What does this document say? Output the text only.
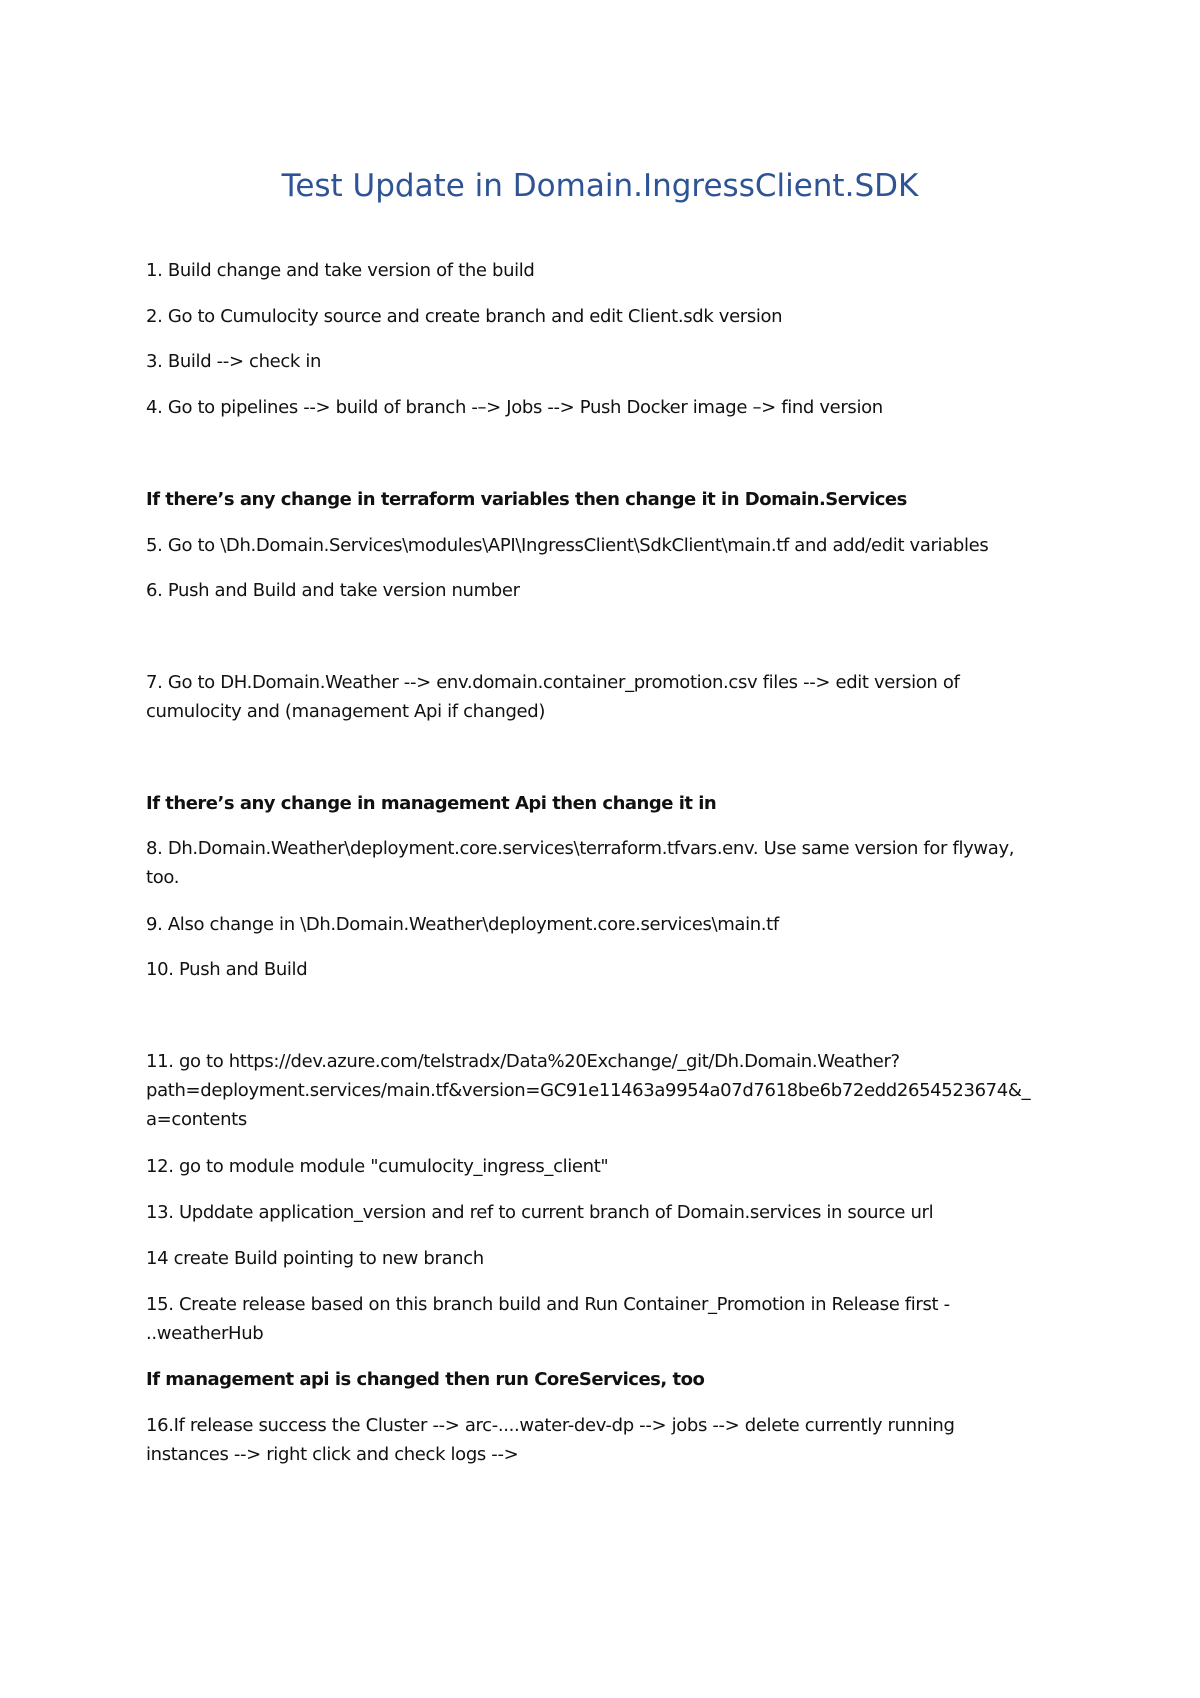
Test Update in Domain.IngressClient.SDK
1. Build change and take version of the build
2. Go to Cumulocity source and create branch and edit Client.sdk version
3. Build --> check in
4. Go to pipelines --> build of branch -–> Jobs --> Push Docker image –> find version
If there’s any change in terraform variables then change it in Domain.Services
5. Go to \Dh.Domain.Services\modules\API\IngressClient\SdkClient\main.tf and add/edit variables
6. Push and Build and take version number
7. Go to DH.Domain.Weather --> env.domain.container_promotion.csv files --> edit version of
cumulocity and (management Api if changed)
If there’s any change in management Api then change it in
8. Dh.Domain.Weather\deployment.core.services\terraform.tfvars.env. Use same version for flyway,
too.
9. Also change in \Dh.Domain.Weather\deployment.core.services\main.tf
10. Push and Build
11. go to https://dev.azure.com/telstradx/Data%20Exchange/_git/Dh.Domain.Weather?
path=deployment.services/main.tf&version=GC91e11463a9954a07d7618be6b72edd2654523674&_
a=contents
12. go to module module "cumulocity_ingress_client"
13. Upddate application_version and ref to current branch of Domain.services in source url
14 create Build pointing to new branch
15. Create release based on this branch build and Run Container_Promotion in Release first -
..weatherHub
If management api is changed then run CoreServices, too
16.If release success the Cluster --> arc-....water-dev-dp --> jobs --> delete currently running
instances --> right click and check logs -->
